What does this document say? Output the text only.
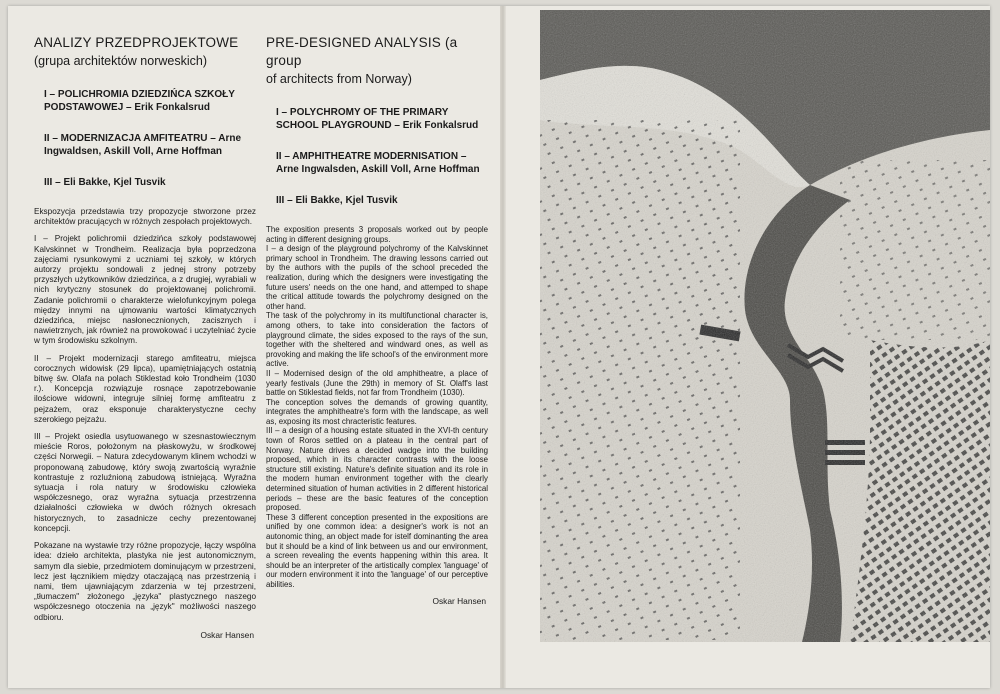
ANALIZY PRZEDPROJEKTOWE
(grupa architektów norweskich)
I – POLICHROMIA DZIEDZIŃCA SZKOŁY PODSTAWOWEJ – Erik Fonkalsrud
II – MODERNIZACJA AMFITEATRU – Arne Ingwaldsen, Askill Voll, Arne Hoffman
III – Eli Bakke, Kjel Tusvik

Ekspozycja przedstawia trzy propozycje stworzone przez architektów pracujących w różnych zespołach projektowych.

I – Projekt polichromii dziedzińca szkoły podstawowej Kalvskinnet w Trondheim. Realizacja była poprzedzona zajęciami rysunkowymi z uczniami tej szkoły, w których autorzy projektu sondowali z jednej strony potrzeby przyszłych użytkowników dziedzińca, a z drugiej, wyrabiali w nich krytyczny stosunek do projektowanej polichromii. Zadanie polichromii o charakterze wielofunkcyjnym polega między innymi na ujmowaniu wartości klimatycznych dziedzińca, miejsc nasłonecznionych, zacisznych i nawietrznych, jak również na prowokować i uczytelniać życie w tym środowisku szkolnym.

II – Projekt modernizacji starego amfiteatru, miejsca corocznych widowisk (29 lipca), upamiętniających ostatnią bitwę św. Olafa na polach Stiklestad koło Trondheim (1030 r.). Koncepcja rozwiązuje rosnące zapotrzebowanie ilościowe widowni, integruje silniej formę amfiteatru z pejzażem, oraz eksponuje charakterystyczne cechy szerokiego pejzażu.

III – Projekt osiedla usytuowanego w szesnastowiecznym mieście Roros, położonym na płaskowyżu, w środkowej części Norwegii. – Natura zdecydowanym klinem wchodzi w proponowaną zabudowę, który swoją zwartością wyraźnie kontrastuje z rozluźnioną zabudową istniejącą. Wyraźna sytuacja i rola natury w środowisku człowieka współczesnego, oraz wyraźna sytuacja przestrzenna działalności człowieka w dwóch różnych okresach historycznych, to zasadnicze cechy prezentowanej koncepcji.

Pokazane na wystawie trzy różne propozycje, łączy wspólna idea: dzieło architekta, plastyka nie jest autonomicznym, samym dla siebie, przedmiotem dominującym w przestrzeni, lecz jest łącznikiem między otaczającą nas przestrzenią i nami, tłem ujawniającym zdarzenia w tej przestrzeni, „tłumaczem" złożonego „języka" plastycznego naszego współczesnego otoczenia na „język" możliwości naszego odbioru.

Oskar Hansen
PRE-DESIGNED ANALYSIS (a group
of architects from Norway)
I – POLYCHROMY OF THE PRIMARY SCHOOL PLAYGROUND – Erik Fonkalsrud
II – AMPHITHEATRE MODERNISATION – Arne Ingwalsden, Askill Voll, Arne Hoffman
III – Eli Bakke, Kjel Tusvik

The exposition presents 3 proposals worked out by people acting in different designing groups.

I – a design of the playground polychromy of the Kalvskinnet primary school in Trondheim. The drawing lessons carried out by the authors with the pupils of the school preceded the realization, during which the designers were investigating the future users' needs on the one hand, and attemped to shape the critical attitude towards the polychromy designed on the other hand.

The task of the polychromy in its multifunctional character is, among others, to take into consideration the factors of playground climate, the sides exposed to the rays of the sun, together with the sheltered and windward ones, as well as provoking and making the life school's of the environment more active.

II – Modernised design of the old amphitheatre, a place of yearly festivals (June the 29th) in memory of St. Olaff's last battle on Stiklestad fields, not far from Trondheim (1030).

The conception solves the demands of growing quantity, integrates the amphitheatre's form with the landscape, as well as, exposing its most chracteristic features.

III – a design of a housing estate situated in the XVI-th century town of Roros settled on a plateau in the central part of Norway. Nature drives a decided wadge into the building proposed, which in its character contrasts with the loose structure still existing. Nature's definite situation and its role in the modern human environment together with the clearly determined situation of human activities in 2 different historical periods – these are the basic features of the conception proposed.

These 3 different conception presented in the expositions are unified by one common idea: a designer's work is not an autonomic thing, an object made for istelf dominanting the area but it should be a kind of link between us and our environment, a screen revealing the events happening within this area. It should be an interpreter of the artistically complex 'language' of our modern environment it into the 'language' of our perceptive abilities.

Oskar Hansen
